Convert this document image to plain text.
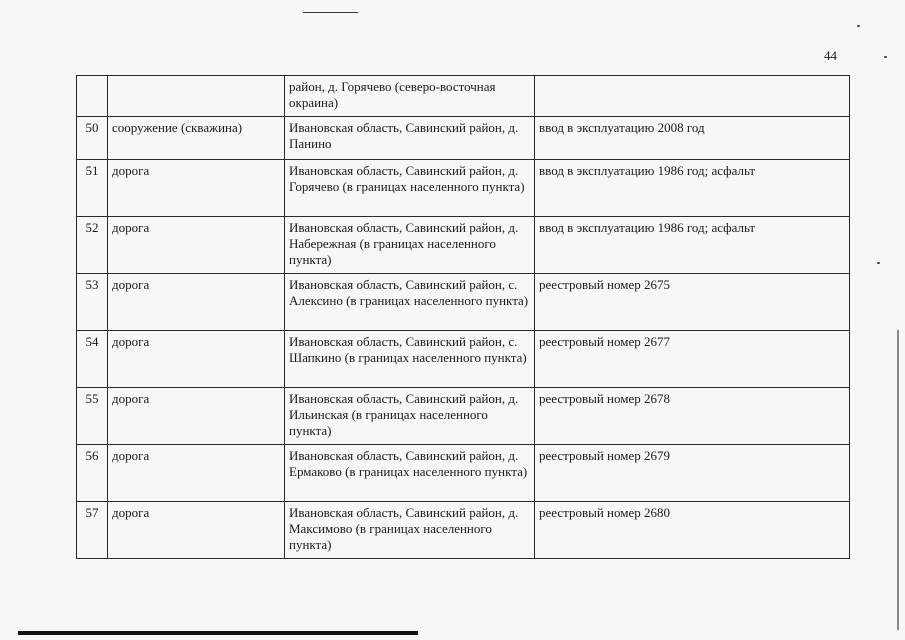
44
		район, д. Горячево (северо-восточная окраина)	
50	сооружение (скважина)	Ивановская область, Савинский район, д. Панино	ввод в эксплуатацию 2008 год
51	дорога	Ивановская область, Савинский район, д. Горячево (в границах населенного пункта)	ввод в эксплуатацию 1986 год; асфальт
52	дорога	Ивановская область, Савинский район, д. Набережная (в границах населенного пункта)	ввод в эксплуатацию 1986 год; асфальт
53	дорога	Ивановская область, Савинский район, с. Алексино (в границах населенного пункта)	реестровый номер 2675
54	дорога	Ивановская область, Савинский район, с. Шапкино (в границах населенного пункта)	реестровый номер 2677
55	дорога	Ивановская область, Савинский район, д. Ильинская (в границах населенного пункта)	реестровый номер 2678
56	дорога	Ивановская область, Савинский район, д. Ермаково (в границах населенного пункта)	реестровый номер 2679
57	дорога	Ивановская область, Савинский район, д. Максимово (в границах населенного пункта)	реестровый номер 2680
